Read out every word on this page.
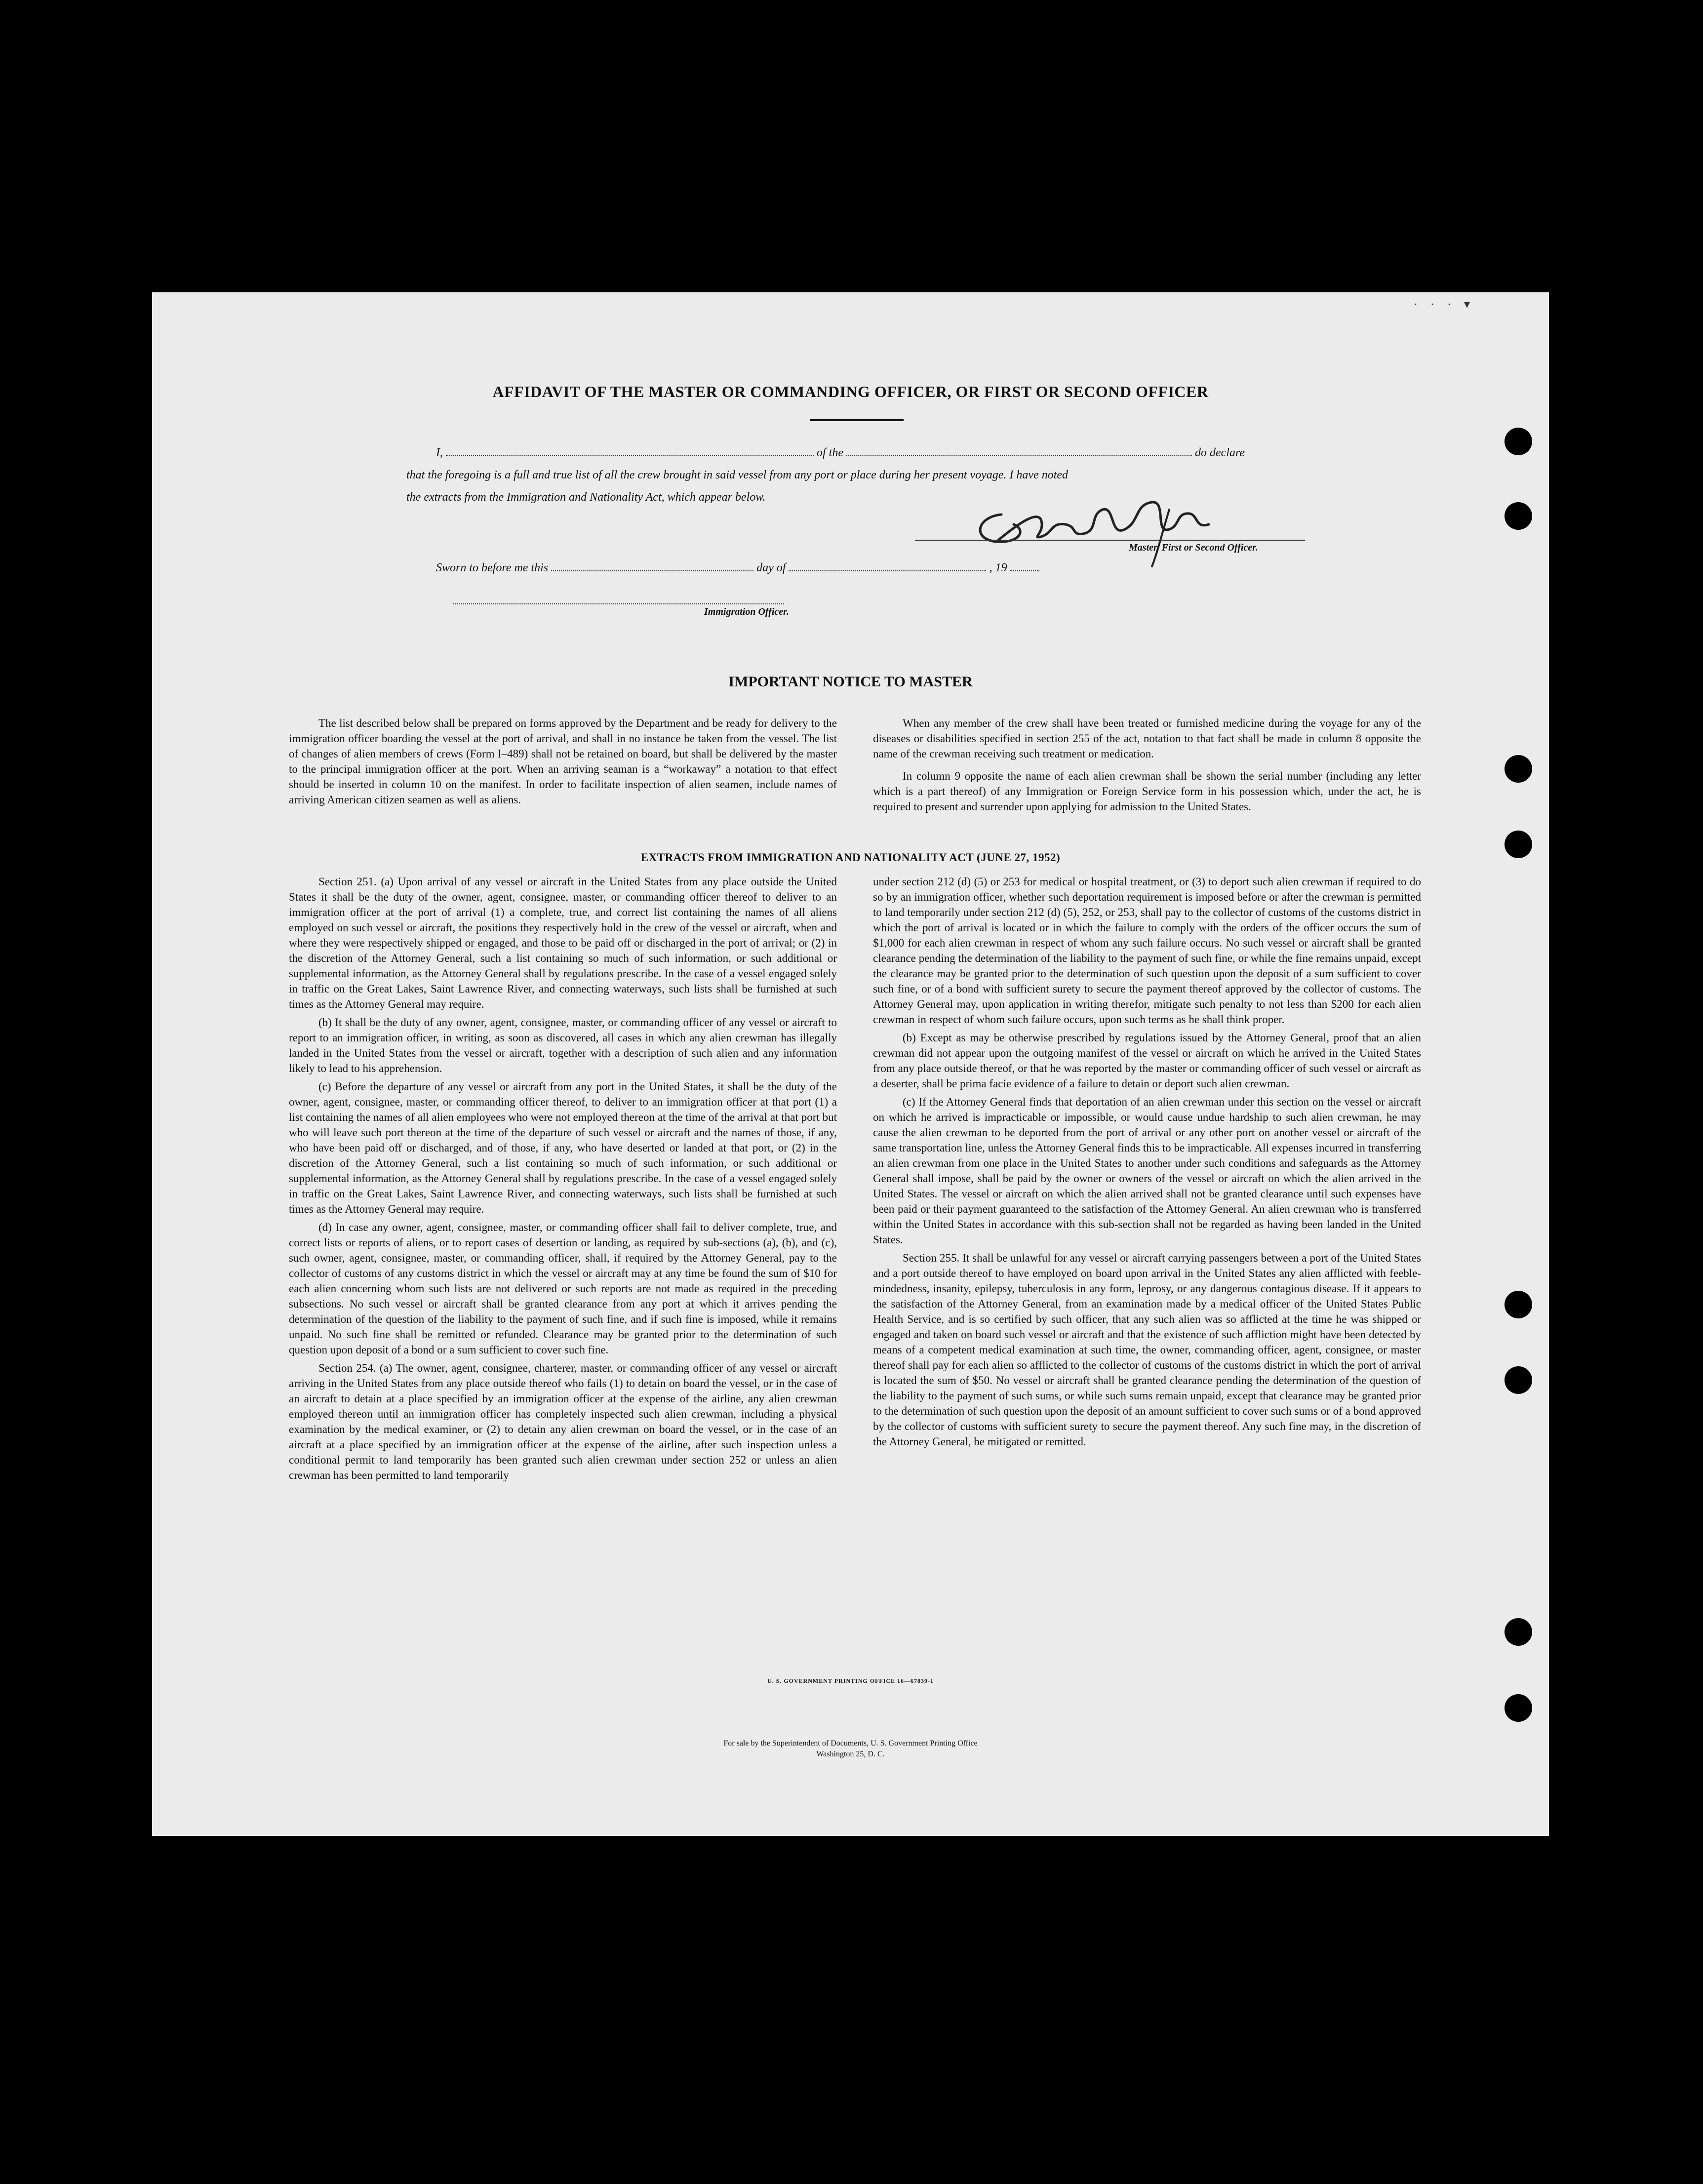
· · · ▾
AFFIDAVIT OF THE MASTER OR COMMANDING OFFICER, OR FIRST OR SECOND OFFICER
I,	of the	do declare
that the foregoing is a full and true list of all the crew brought in said vessel from any port or place during her present voyage. I have noted
the extracts from the Immigration and Nationality Act, which appear below.
Master, First or Second Officer.
Sworn to before me this	day of	, 19
Immigration Officer.
IMPORTANT NOTICE TO MASTER

The list described below shall be prepared on forms approved by the Department and be ready for delivery to the immigration officer boarding the vessel at the port of arrival, and shall in no instance be taken from the vessel. The list of changes of alien members of crews (Form I–489) shall not be retained on board, but shall be delivered by the master to the principal immigration officer at the port. When an arriving seaman is a “workaway” a notation to that effect should be inserted in column 10 on the manifest. In order to facilitate inspection of alien seamen, include names of arriving American citizen seamen as well as aliens.

When any member of the crew shall have been treated or furnished medicine during the voyage for any of the diseases or disabilities specified in section 255 of the act, notation to that fact shall be made in column 8 opposite the name of the crewman receiving such treatment or medication.

In column 9 opposite the name of each alien crewman shall be shown the serial number (including any letter which is a part thereof) of any Immigration or Foreign Service form in his possession which, under the act, he is required to present and surrender upon applying for admission to the United States.

EXTRACTS FROM IMMIGRATION AND NATIONALITY ACT (JUNE 27, 1952)

Section 251. (a) Upon arrival of any vessel or aircraft in the United States from any place outside the United States it shall be the duty of the owner, agent, consignee, master, or commanding officer thereof to deliver to an immigration officer at the port of arrival (1) a complete, true, and correct list containing the names of all aliens employed on such vessel or aircraft, the positions they respectively hold in the crew of the vessel or aircraft, when and where they were respectively shipped or engaged, and those to be paid off or discharged in the port of arrival; or (2) in the discretion of the Attorney General, such a list containing so much of such information, or such additional or supplemental information, as the Attorney General shall by regulations prescribe. In the case of a vessel engaged solely in traffic on the Great Lakes, Saint Lawrence River, and connecting waterways, such lists shall be furnished at such times as the Attorney General may require.

(b) It shall be the duty of any owner, agent, consignee, master, or commanding officer of any vessel or aircraft to report to an immigration officer, in writing, as soon as discovered, all cases in which any alien crewman has illegally landed in the United States from the vessel or aircraft, together with a description of such alien and any information likely to lead to his apprehension.

(c) Before the departure of any vessel or aircraft from any port in the United States, it shall be the duty of the owner, agent, consignee, master, or commanding officer thereof, to deliver to an immigration officer at that port (1) a list containing the names of all alien employees who were not employed thereon at the time of the arrival at that port but who will leave such port thereon at the time of the departure of such vessel or aircraft and the names of those, if any, who have been paid off or discharged, and of those, if any, who have deserted or landed at that port, or (2) in the discretion of the Attorney General, such a list containing so much of such information, or such additional or supplemental information, as the Attorney General shall by regulations prescribe. In the case of a vessel engaged solely in traffic on the Great Lakes, Saint Lawrence River, and connecting waterways, such lists shall be furnished at such times as the Attorney General may require.

(d) In case any owner, agent, consignee, master, or commanding officer shall fail to deliver complete, true, and correct lists or reports of aliens, or to report cases of desertion or landing, as required by sub-sections (a), (b), and (c), such owner, agent, consignee, master, or commanding officer, shall, if required by the Attorney General, pay to the collector of customs of any customs district in which the vessel or aircraft may at any time be found the sum of $10 for each alien concerning whom such lists are not delivered or such reports are not made as required in the preceding subsections. No such vessel or aircraft shall be granted clearance from any port at which it arrives pending the determination of the question of the liability to the payment of such fine, and if such fine is imposed, while it remains unpaid. No such fine shall be remitted or refunded. Clearance may be granted prior to the determination of such question upon deposit of a bond or a sum sufficient to cover such fine.

Section 254. (a) The owner, agent, consignee, charterer, master, or commanding officer of any vessel or aircraft arriving in the United States from any place outside thereof who fails (1) to detain on board the vessel, or in the case of an aircraft to detain at a place specified by an immigration officer at the expense of the airline, any alien crewman employed thereon until an immigration officer has completely inspected such alien crewman, including a physical examination by the medical examiner, or (2) to detain any alien crewman on board the vessel, or in the case of an aircraft at a place specified by an immigration officer at the expense of the airline, after such inspection unless a conditional permit to land temporarily has been granted such alien crewman under section 252 or unless an alien crewman has been permitted to land temporarily

under section 212 (d) (5) or 253 for medical or hospital treatment, or (3) to deport such alien crewman if required to do so by an immigration officer, whether such deportation requirement is imposed before or after the crewman is permitted to land temporarily under section 212 (d) (5), 252, or 253, shall pay to the collector of customs of the customs district in which the port of arrival is located or in which the failure to comply with the orders of the officer occurs the sum of $1,000 for each alien crewman in respect of whom any such failure occurs. No such vessel or aircraft shall be granted clearance pending the determination of the liability to the payment of such fine, or while the fine remains unpaid, except the clearance may be granted prior to the determination of such question upon the deposit of a sum sufficient to cover such fine, or of a bond with sufficient surety to secure the payment thereof approved by the collector of customs. The Attorney General may, upon application in writing therefor, mitigate such penalty to not less than $200 for each alien crewman in respect of whom such failure occurs, upon such terms as he shall think proper.

(b) Except as may be otherwise prescribed by regulations issued by the Attorney General, proof that an alien crewman did not appear upon the outgoing manifest of the vessel or aircraft on which he arrived in the United States from any place outside thereof, or that he was reported by the master or commanding officer of such vessel or aircraft as a deserter, shall be prima facie evidence of a failure to detain or deport such alien crewman.

(c) If the Attorney General finds that deportation of an alien crewman under this section on the vessel or aircraft on which he arrived is impracticable or impossible, or would cause undue hardship to such alien crewman, he may cause the alien crewman to be deported from the port of arrival or any other port on another vessel or aircraft of the same transportation line, unless the Attorney General finds this to be impracticable. All expenses incurred in transferring an alien crewman from one place in the United States to another under such conditions and safeguards as the Attorney General shall impose, shall be paid by the owner or owners of the vessel or aircraft on which the alien arrived in the United States. The vessel or aircraft on which the alien arrived shall not be granted clearance until such expenses have been paid or their payment guaranteed to the satisfaction of the Attorney General. An alien crewman who is transferred within the United States in accordance with this sub-section shall not be regarded as having been landed in the United States.

Section 255. It shall be unlawful for any vessel or aircraft carrying passengers between a port of the United States and a port outside thereof to have employed on board upon arrival in the United States any alien afflicted with feeble-mindedness, insanity, epilepsy, tuberculosis in any form, leprosy, or any dangerous contagious disease. If it appears to the satisfaction of the Attorney General, from an examination made by a medical officer of the United States Public Health Service, and is so certified by such officer, that any such alien was so afflicted at the time he was shipped or engaged and taken on board such vessel or aircraft and that the existence of such affliction might have been detected by means of a competent medical examination at such time, the owner, commanding officer, agent, consignee, or master thereof shall pay for each alien so afflicted to the collector of customs of the customs district in which the port of arrival is located the sum of $50. No vessel or aircraft shall be granted clearance pending the determination of the question of the liability to the payment of such sums, or while such sums remain unpaid, except that clearance may be granted prior to the determination of such question upon the deposit of an amount sufficient to cover such sums or of a bond approved by the collector of customs with sufficient surety to secure the payment thereof. Any such fine may, in the discretion of the Attorney General, be mitigated or remitted.

U. S. GOVERNMENT PRINTING OFFICE 16—67839-1
For sale by the Superintendent of Documents, U. S. Government Printing Office
Washington 25, D. C.
